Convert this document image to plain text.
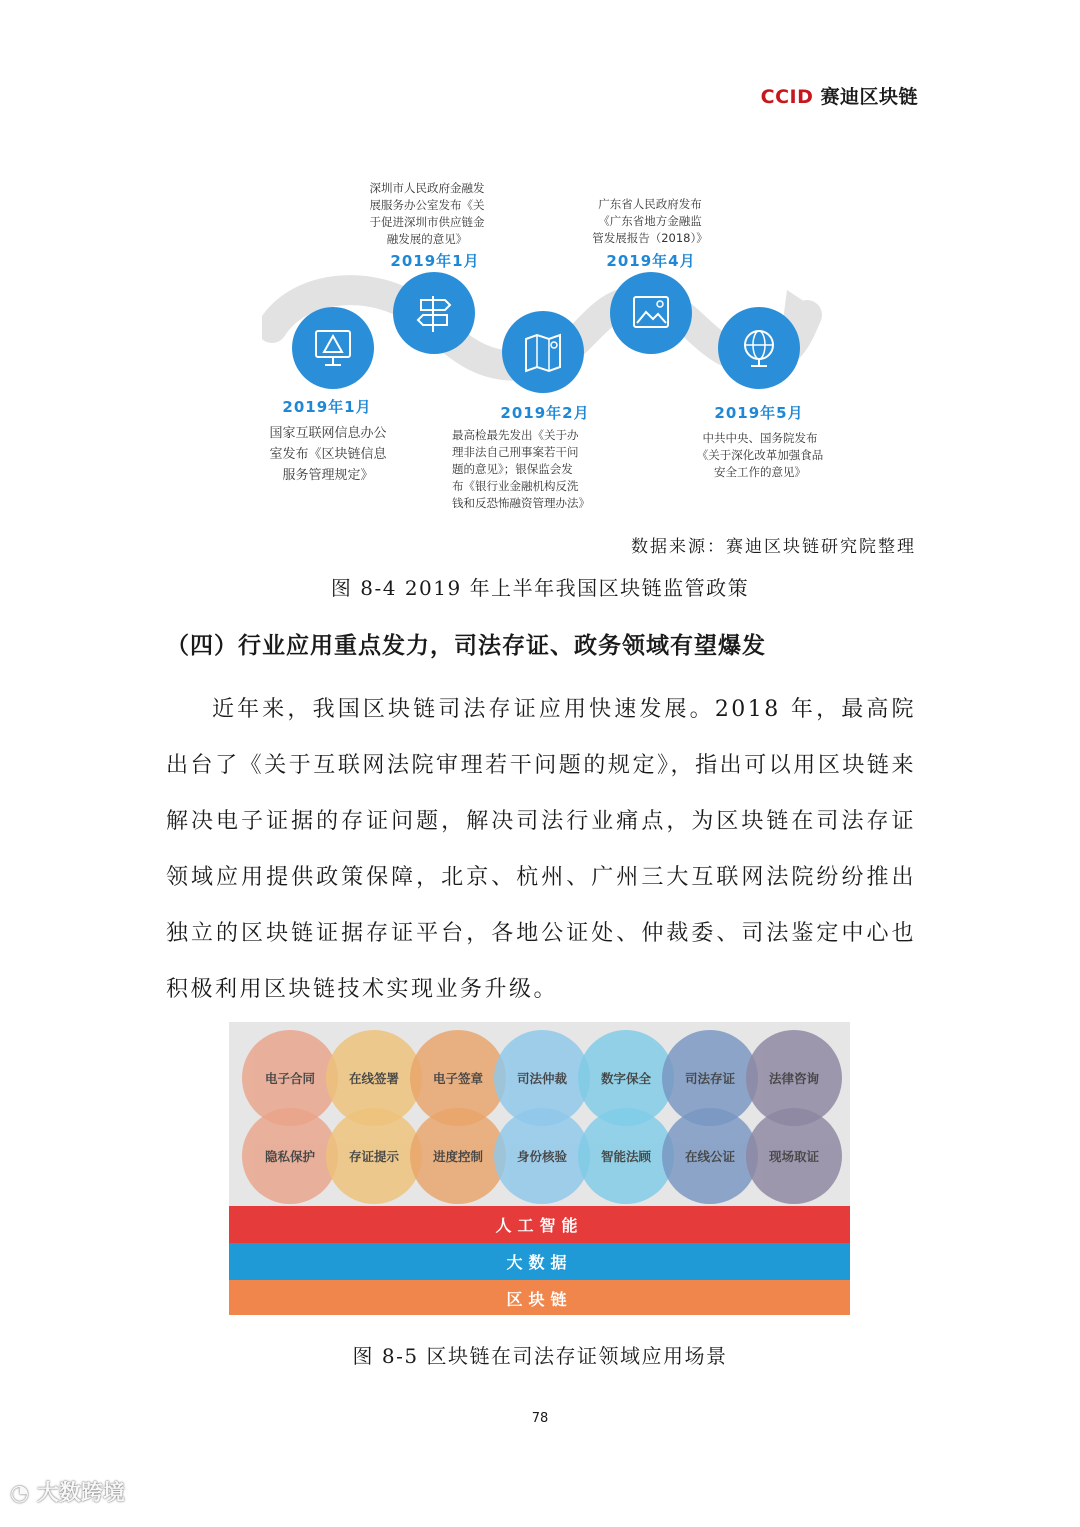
CCID 赛迪区块链
深圳市人民政府金融发
展服务办公室发布《关
于促进深圳市供应链金
融发展的意见》
2019年1月
广东省人民政府发布
《广东省地方金融监
管发展报告（2018）》
2019年4月
2019年1月
国家互联网信息办公
室发布《区块链信息
服务管理规定》
2019年2月
最高检最先发出《关于办
理非法自己刑事案若干问
题的意见》；银保监会发
布《银行业金融机构反洗
钱和反恐怖融资管理办法》
2019年5月
中共中央、国务院发布
《关于深化改革加强食品
安全工作的意见》
数据来源：赛迪区块链研究院整理
图 8-4 2019 年上半年我国区块链监管政策
（四）行业应用重点发力，司法存证、政务领域有望爆发

近年来，我国区块链司法存证应用快速发展。2018 年，最高院出台了《关于互联网法院审理若干问题的规定》，指出可以用区块链来解决电子证据的存证问题，解决司法行业痛点，为区块链在司法存证领域应用提供政策保障，北京、杭州、广州三大互联网法院纷纷推出独立的区块链证据存证平台，各地公证处、仲裁委、司法鉴定中心也积极利用区块链技术实现业务升级。

电子合同	在线签署	电子签章	司法仲裁	数字保全	司法存证	法律咨询
隐私保护	存证提示	进度控制	身份核验	智能法顾	在线公证	现场取证
人工智能
大数据
区块链
图 8-5 区块链在司法存证领域应用场景
78
◔ 大数跨境
